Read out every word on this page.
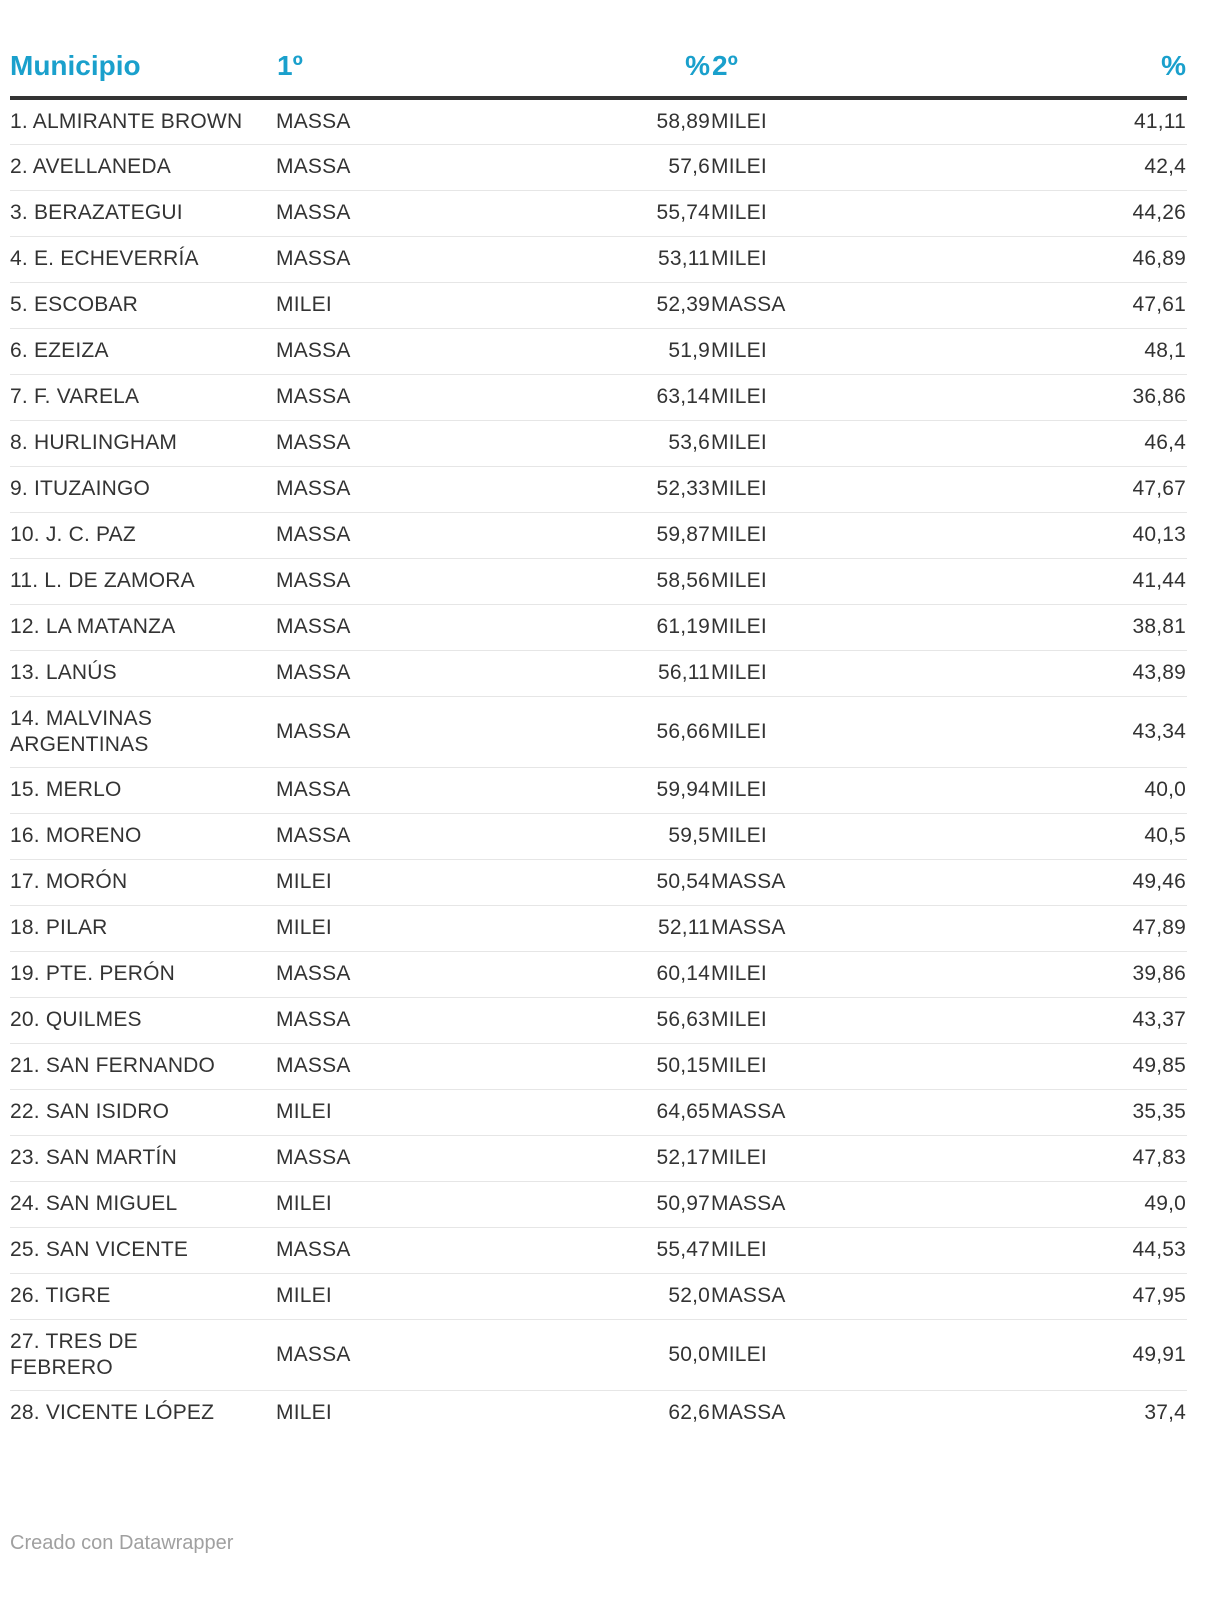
Municipio	1º	%	2º	%
1. ALMIRANTE BROWN	MASSA	58,89	MILEI	41,11
2. AVELLANEDA	MASSA	57,6	MILEI	42,4
3. BERAZATEGUI	MASSA	55,74	MILEI	44,26
4. E. ECHEVERRÍA	MASSA	53,11	MILEI	46,89
5. ESCOBAR	MILEI	52,39	MASSA	47,61
6. EZEIZA	MASSA	51,9	MILEI	48,1
7. F. VARELA	MASSA	63,14	MILEI	36,86
8. HURLINGHAM	MASSA	53,6	MILEI	46,4
9. ITUZAINGO	MASSA	52,33	MILEI	47,67
10. J. C. PAZ	MASSA	59,87	MILEI	40,13
11. L. DE ZAMORA	MASSA	58,56	MILEI	41,44
12. LA MATANZA	MASSA	61,19	MILEI	38,81
13. LANÚS	MASSA	56,11	MILEI	43,89
14. MALVINAS ARGENTINAS	MASSA	56,66	MILEI	43,34
15. MERLO	MASSA	59,94	MILEI	40,0
16. MORENO	MASSA	59,5	MILEI	40,5
17. MORÓN	MILEI	50,54	MASSA	49,46
18. PILAR	MILEI	52,11	MASSA	47,89
19. PTE. PERÓN	MASSA	60,14	MILEI	39,86
20. QUILMES	MASSA	56,63	MILEI	43,37
21. SAN FERNANDO	MASSA	50,15	MILEI	49,85
22. SAN ISIDRO	MILEI	64,65	MASSA	35,35
23. SAN MARTÍN	MASSA	52,17	MILEI	47,83
24. SAN MIGUEL	MILEI	50,97	MASSA	49,0
25. SAN VICENTE	MASSA	55,47	MILEI	44,53
26. TIGRE	MILEI	52,0	MASSA	47,95
27. TRES DE FEBRERO	MASSA	50,0	MILEI	49,91
28. VICENTE LÓPEZ	MILEI	62,6	MASSA	37,4
Creado con Datawrapper
